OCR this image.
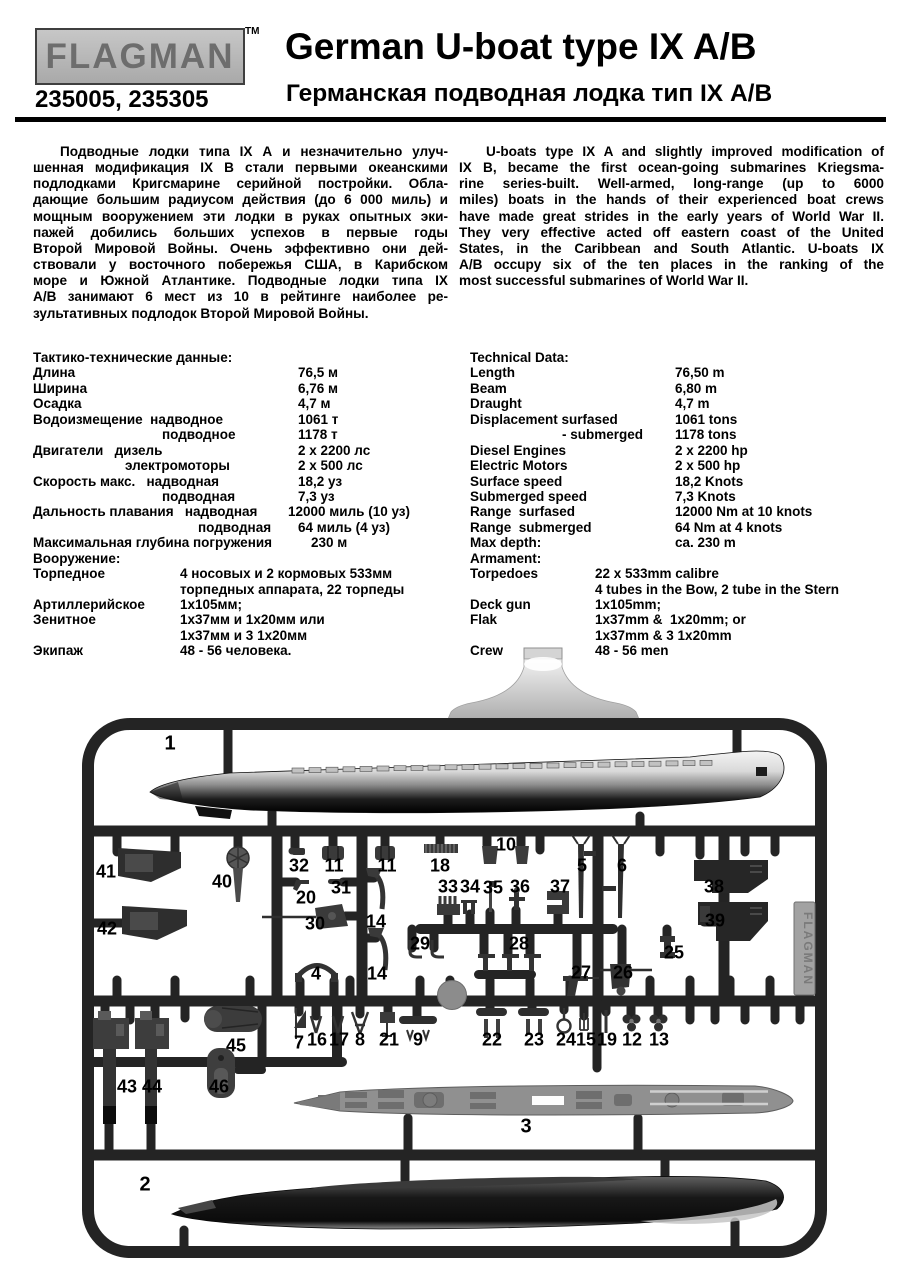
FLAGMAN
TM
235005, 235305
German U-boat type IX A/B
Германская подводная лодка тип IX А/В
Подводные лодки типа IX А и незначительно улуч-
шенная модификация IX В стали первыми океанскими
подлодками Кригсмарине серийной постройки. Обла-
дающие большим радиусом действия (до 6 000 миль) и
мощным вооружением эти лодки в руках опытных эки-
пажей добились больших успехов в первые годы
Второй Мировой Войны. Очень эффективно они дей-
ствовали у восточного побережья США, в Карибском
море и Южной Атлантике. Подводные лодки типа IX
А/В занимают 6 мест из 10 в рейтинге наиболее ре-
зультативных подлодок Второй Мировой Войны.
U-boats type IX A and slightly improved modification of
IX B, became the first ocean-going submarines Kriegsma-
rine series-built. Well-armed, long-range (up to 6000
miles) boats in the hands of their experienced boat crews
have made great strides in the early years of World War II.
They very effective acted off eastern coast of the United
States, in the Caribbean and South Atlantic. U-boats IX
A/B occupy six of the ten places in the ranking of the
most successful submarines of World War II.
Тактико-технические данные:
Длина	76,5 м
Ширина	6,76 м
Осадка	4,7 м
Водоизмещение  надводное	1061 т
подводное	1178 т
Двигатели   дизель	2 х 2200 лс
электромоторы	2 х 500 лс
Скорость макс.   надводная	18,2 уз
подводная	7,3 уз
Дальность плавания   надводная 12000 миль (10 уз)
подводная 64 миль (4 уз)
Максимальная глубина погружения	230 м
Вооружение:
Торпедное	4 носовых и 2 кормовых 533мм
торпедных аппарата, 22 торпеды
Артиллерийское	1х105мм;
Зенитное	1х37мм и 1х20мм или
1х37мм и 3 1х20мм
Экипаж	48 - 56 человека.
Technical Data:
Length	76,50 m
Beam	6,80 m
Draught	4,7 m
Displacement surfased	1061 tons
- submerged 1178 tons
Diesel Engines	2 x 2200 hp
Electric Motors	2 x 500 hp
Surface speed	18,2 Knots
Submerged speed	7,3 Knots
Range  surfased	12000 Nm at 10 knots
Range  submerged	64 Nm at 4 knots
Max depth:	ca. 230 m
Armament:
Torpedoes	22 x 533mm calibre
4 tubes in the Bow, 2 tube in the Stern
Deck gun	1x105mm;
Flak	1x37mm &  1x20mm; or
1x37mm & 3 1x20mm
Crew	48 - 56 men
FLAGMAN
1
41
42
40
32 11 11 18
10
20 31
30 14
14
4
29	28
33 34 35 36 37
5 6
38
39
25
27 26
43 44
45
46
7 16 17 8 21 9	22 23 24 15 19 12 13
3
2
